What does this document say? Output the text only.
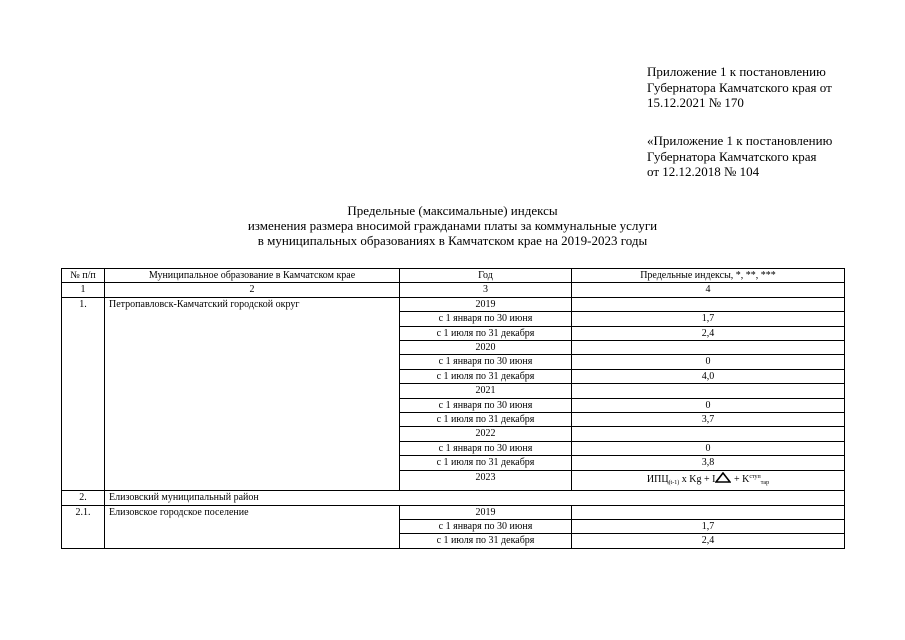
Приложение 1 к постановлению
Губернатора Камчатского края от
15.12.2021 № 170
«Приложение 1 к постановлению
Губернатора Камчатского края
от 12.12.2018 № 104
Предельные (максимальные) индексы
изменения размера вносимой гражданами платы за коммунальные услуги
в муниципальных образованиях в Камчатском крае на 2019-2023 годы
№ п/п	Муниципальное образование в Камчатском крае	Год	Предельные индексы, *, **, ***
1	2	3	4
1.	Петропавловск-Камчатский городской округ	2019	
		с 1 января по 30 июня	1,7
		с 1 июля по 31 декабря	2,4
		2020	
		с 1 января по 30 июня	0
		с 1 июля по 31 декабря	4,0
		2021	
		с 1 января по 30 июня	0
		с 1 июля по 31 декабря	3,7
		2022	
		с 1 января по 30 июня	0
		с 1 июля по 31 декабря	3,8
		2023	$ИПЦ_{(t-1)}$ x $Kg + I + K^{ступ}_{тар}$
2.	Елизовский муниципальный район		
2.1.	Елизовское городское поселение	2019	
		с 1 января по 30 июня	1,7
		с 1 июля по 31 декабря	2,4
